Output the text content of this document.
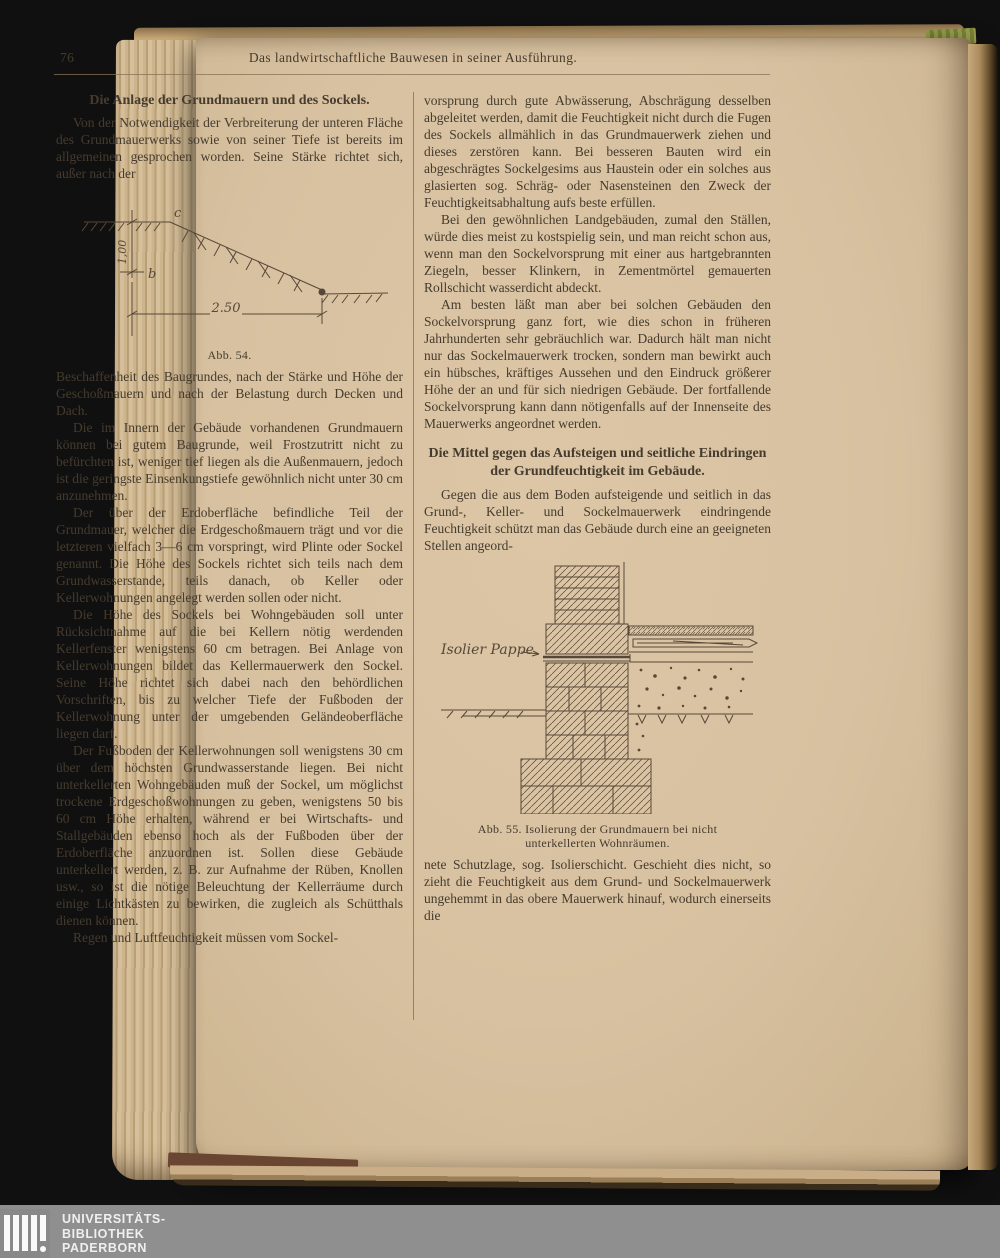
76	Das landwirtschaftliche Bauwesen in seiner Ausführung.

Die Anlage der Grundmauern und des Sockels.

Von der Notwendigkeit der Verbreiterung der unteren Fläche des Grundmauerwerks sowie von seiner Tiefe ist bereits im allgemeinen gesprochen worden. Seine Stärke richtet sich, außer nach der

c
b
1,00
2.50
Abb. 54.

Beschaffenheit des Baugrundes, nach der Stärke und Höhe der Geschoßmauern und nach der Belastung durch Decken und Dach.

Die im Innern der Gebäude vorhandenen Grundmauern können bei gutem Baugrunde, weil Frostzutritt nicht zu befürchten ist, weniger tief liegen als die Außenmauern, jedoch ist die geringste Einsenkungstiefe gewöhnlich nicht unter 30 cm anzunehmen.

Der über der Erdoberfläche befindliche Teil der Grundmauer, welcher die Erdgeschoßmauern trägt und vor die letzteren vielfach 3—6 cm vorspringt, wird Plinte oder Sockel genannt. Die Höhe des Sockels richtet sich teils nach dem Grundwasserstande, teils danach, ob Keller oder Kellerwohnungen angelegt werden sollen oder nicht.

Die Höhe des Sockels bei Wohngebäuden soll unter Rücksichtnahme auf die bei Kellern nötig werdenden Kellerfenster wenigstens 60 cm betragen. Bei Anlage von Kellerwohnungen bildet das Kellermauerwerk den Sockel. Seine Höhe richtet sich dabei nach den behördlichen Vorschriften, bis zu welcher Tiefe der Fußboden der Kellerwohnung unter der umgebenden Geländeoberfläche liegen darf.

Der Fußboden der Kellerwohnungen soll wenigstens 30 cm über dem höchsten Grundwasserstande liegen. Bei nicht unterkellerten Wohngebäuden muß der Sockel, um möglichst trockene Erdgeschoßwohnungen zu geben, wenigstens 50 bis 60 cm Höhe erhalten, während er bei Wirtschafts- und Stallgebäuden ebenso hoch als der Fußboden über der Erdoberfläche anzuordnen ist. Sollen diese Gebäude unterkellert werden, z. B. zur Aufnahme der Rüben, Knollen usw., so ist die nötige Beleuchtung der Kellerräume durch einige Lichtkästen zu bewirken, die zugleich als Schütthals dienen können.

Regen und Luftfeuchtigkeit müssen vom Sockel-

vorsprung durch gute Abwässerung, Abschrägung desselben abgeleitet werden, damit die Feuchtigkeit nicht durch die Fugen des Sockels allmählich in das Grundmauerwerk ziehen und dieses zerstören kann. Bei besseren Bauten wird ein abgeschrägtes Sockelgesims aus Haustein oder ein solches aus glasierten sog. Schräg- oder Nasensteinen den Zweck der Feuchtigkeitsabhaltung aufs beste erfüllen.

Bei den gewöhnlichen Landgebäuden, zumal den Ställen, würde dies meist zu kostspielig sein, und man reicht schon aus, wenn man den Sockelvorsprung mit einer aus hartgebrannten Ziegeln, besser Klinkern, in Zementmörtel gemauerten Rollschicht wasserdicht abdeckt.

Am besten läßt man aber bei solchen Gebäuden den Sockelvorsprung ganz fort, wie dies schon in früheren Jahrhunderten sehr gebräuchlich war. Dadurch hält man nicht nur das Sockelmauerwerk trocken, sondern man bewirkt auch ein hübsches, kräftiges Aussehen und den Eindruck größerer Höhe der an und für sich niedrigen Gebäude. Der fortfallende Sockelvorsprung kann dann nötigenfalls auf der Innenseite des Mauerwerks angeordnet werden.

Die Mittel gegen das Aufsteigen und seitliche Eindringen der Grundfeuchtigkeit im Gebäude.

Gegen die aus dem Boden aufsteigende und seitlich in das Grund-, Keller- und Sockelmauerwerk eindringende Feuchtigkeit schützt man das Gebäude durch eine an geeigneten Stellen angeord-

Isolier Pappe
Abb. 55. Isolierung der Grundmauern bei nicht
unterkellerten Wohnräumen.

nete Schutzlage, sog. Isolierschicht. Geschieht dies nicht, so zieht die Feuchtigkeit aus dem Grund- und Sockelmauerwerk ungehemmt in das obere Mauerwerk hinauf, wodurch einerseits die

UNIVERSITÄTS-
BIBLIOTHEK
PADERBORN
